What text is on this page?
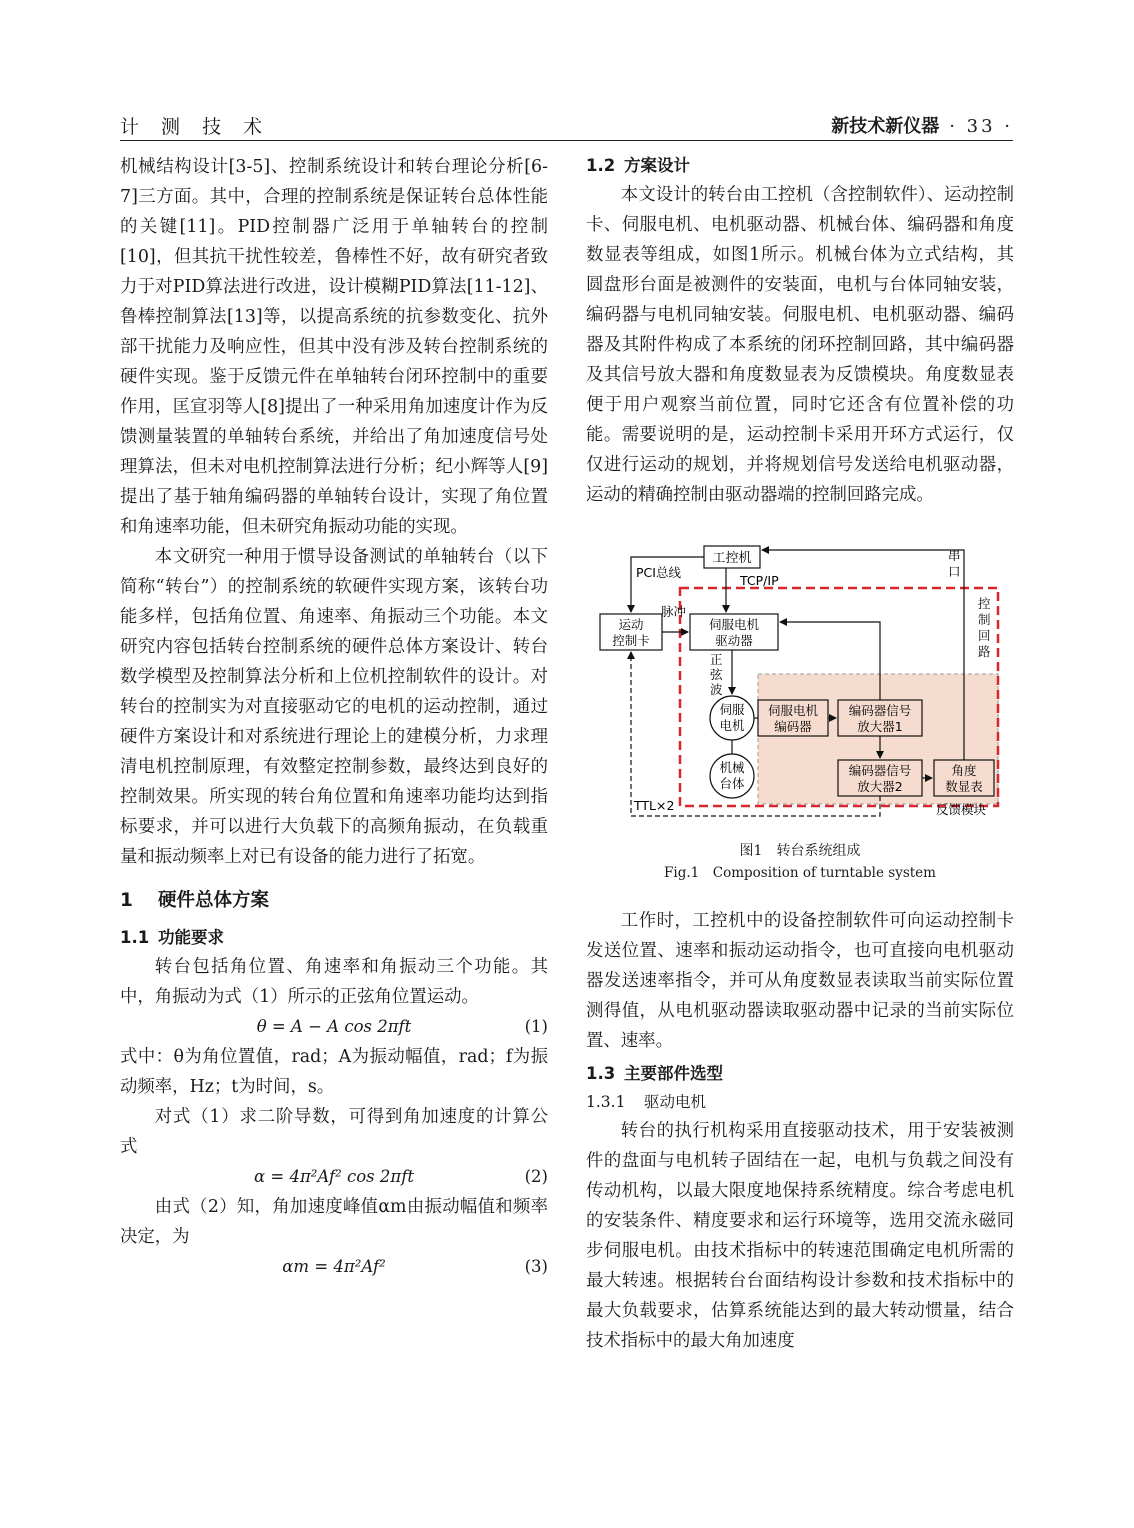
计 测 技 术	新技术新仪器 · 33 ·

机械结构设计[3-5]、控制系统设计和转台理论分析[6-7]三方面。其中，合理的控制系统是保证转台总体性能的关键[11]。PID控制器广泛用于单轴转台的控制[10]，但其抗干扰性较差，鲁棒性不好，故有研究者致力于对PID算法进行改进，设计模糊PID算法[11-12]、鲁棒控制算法[13]等，以提高系统的抗参数变化、抗外部干扰能力及响应性，但其中没有涉及转台控制系统的硬件实现。鉴于反馈元件在单轴转台闭环控制中的重要作用，匡宣羽等人[8]提出了一种采用角加速度计作为反馈测量装置的单轴转台系统，并给出了角加速度信号处理算法，但未对电机控制算法进行分析；纪小辉等人[9]提出了基于轴角编码器的单轴转台设计，实现了角位置和角速率功能，但未研究角振动功能的实现。

本文研究一种用于惯导设备测试的单轴转台（以下简称“转台”）的控制系统的软硬件实现方案，该转台功能多样，包括角位置、角速率、角振动三个功能。本文研究内容包括转台控制系统的硬件总体方案设计、转台数学模型及控制算法分析和上位机控制软件的设计。对转台的控制实为对直接驱动它的电机的运动控制，通过硬件方案设计和对系统进行理论上的建模分析，力求理清电机控制原理，有效整定控制参数，最终达到良好的控制效果。所实现的转台角位置和角速率功能均达到指标要求，并可以进行大负载下的高频角振动，在负载重量和振动频率上对已有设备的能力进行了拓宽。

1 硬件总体方案
1.1 功能要求

转台包括角位置、角速率和角振动三个功能。其中，角振动为式（1）所示的正弦角位置运动。

θ = A − A cos 2πft	(1)

式中：θ为角位置值，rad；A为振动幅值，rad；f为振动频率，Hz；t为时间，s。

对式（1）求二阶导数，可得到角加速度的计算公式

α = 4π²Af² cos 2πft	(2)

由式（2）知，角加速度峰值αm由振动幅值和频率决定，为

αm = 4π²Af²	(3)
1.2 方案设计

本文设计的转台由工控机（含控制软件）、运动控制卡、伺服电机、电机驱动器、机械台体、编码器和角度数显表等组成，如图1所示。机械台体为立式结构，其圆盘形台面是被测件的安装面，电机与台体同轴安装，编码器与电机同轴安装。伺服电机、电机驱动器、编码器及其附件构成了本系统的闭环控制回路，其中编码器及其信号放大器和角度数显表为反馈模块。角度数显表便于用户观察当前位置，同时它还含有位置补偿的功能。需要说明的是，运动控制卡采用开环方式运行，仅仅进行运动的规划，并将规划信号发送给电机驱动器，运动的精确控制由驱动器端的控制回路完成。

工控机
运动
控制卡
伺服电机
驱动器
伺服
电机
机械
台体
伺服电机
编码器
编码器信号
放大器1
编码器信号
放大器2
角度
数显表
PCI总线
TCP/IP
串
口
脉冲
正
弦
波
TTL×2
控
制
回
路
反馈模块
图1　转台系统组成
Fig.1　Composition of turntable system

工作时，工控机中的设备控制软件可向运动控制卡发送位置、速率和振动运动指令，也可直接向电机驱动器发送速率指令，并可从角度数显表读取当前实际位置测得值，从电机驱动器读取驱动器中记录的当前实际位置、速率。

1.3 主要部件选型
1.3.1 驱动电机

转台的执行机构采用直接驱动技术，用于安装被测件的盘面与电机转子固结在一起，电机与负载之间没有传动机构，以最大限度地保持系统精度。综合考虑电机的安装条件、精度要求和运行环境等，选用交流永磁同步伺服电机。由技术指标中的转速范围确定电机所需的最大转速。根据转台台面结构设计参数和技术指标中的最大负载要求，估算系统能达到的最大转动惯量，结合技术指标中的最大角加速度
